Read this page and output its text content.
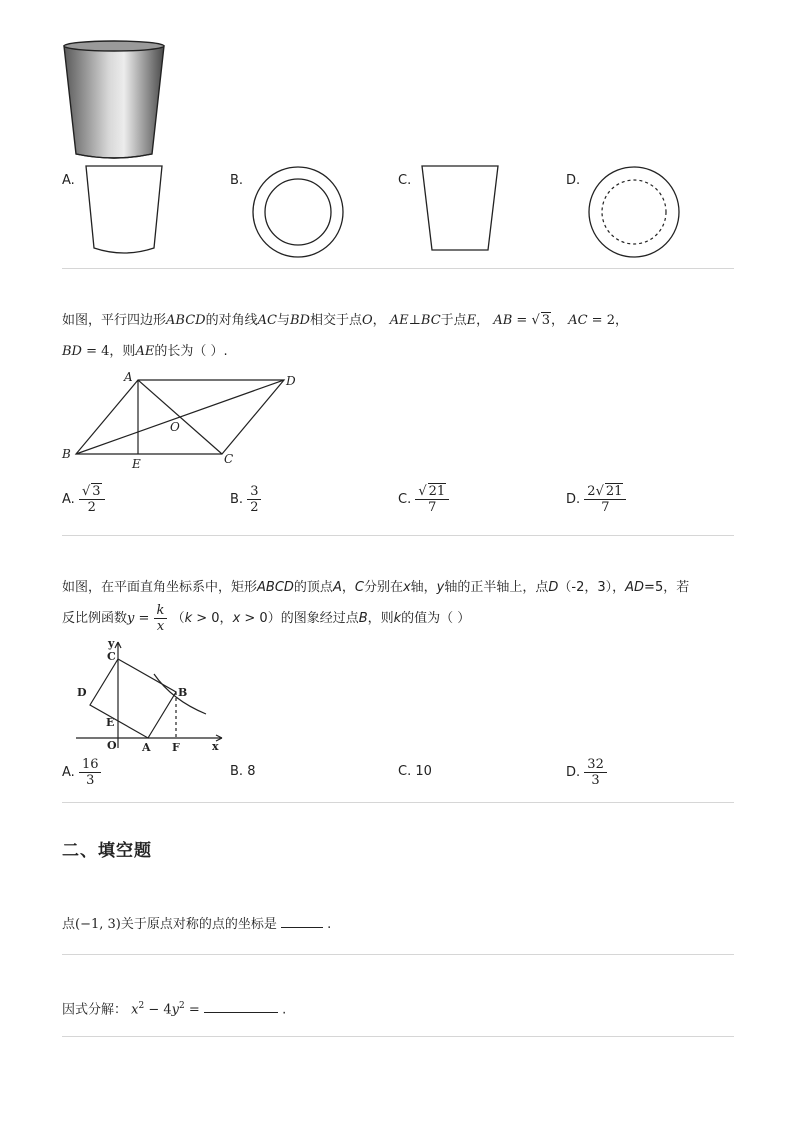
A.	B.	C.	D.
如图，平行四边形ABCD的对角线AC与BD相交于点O， AE⊥BC于点E， AB = √ 3， AC = 2，
BD = 4，则AE的长为（ ）.
A
B	C
D
O
E
A. $\frac{√ 3}{2}$	B. $\frac{3}{2}$	C. $\frac{√ 21}{7}$	D. $\frac{2√ 21}{7}$
如图，在平面直角坐标系中，矩形ABCD的顶点A，C分别在x轴，y轴的正半轴上，点D（-2，3），AD=5，若
反比例函数$y = \frac{k}{x} (k > 0$，x > 0）的图象经过点B，则k的值为（ ）
y
C
D	B
E
O A F	x
A. $\frac{16}{3}$	B. 8	C. 10	D. $\frac{32}{3}$
二、填空题
点(−1, 3)关于原点对称的点的坐标是	.
因式分解： $x^2 - 4y^2$ =	.
